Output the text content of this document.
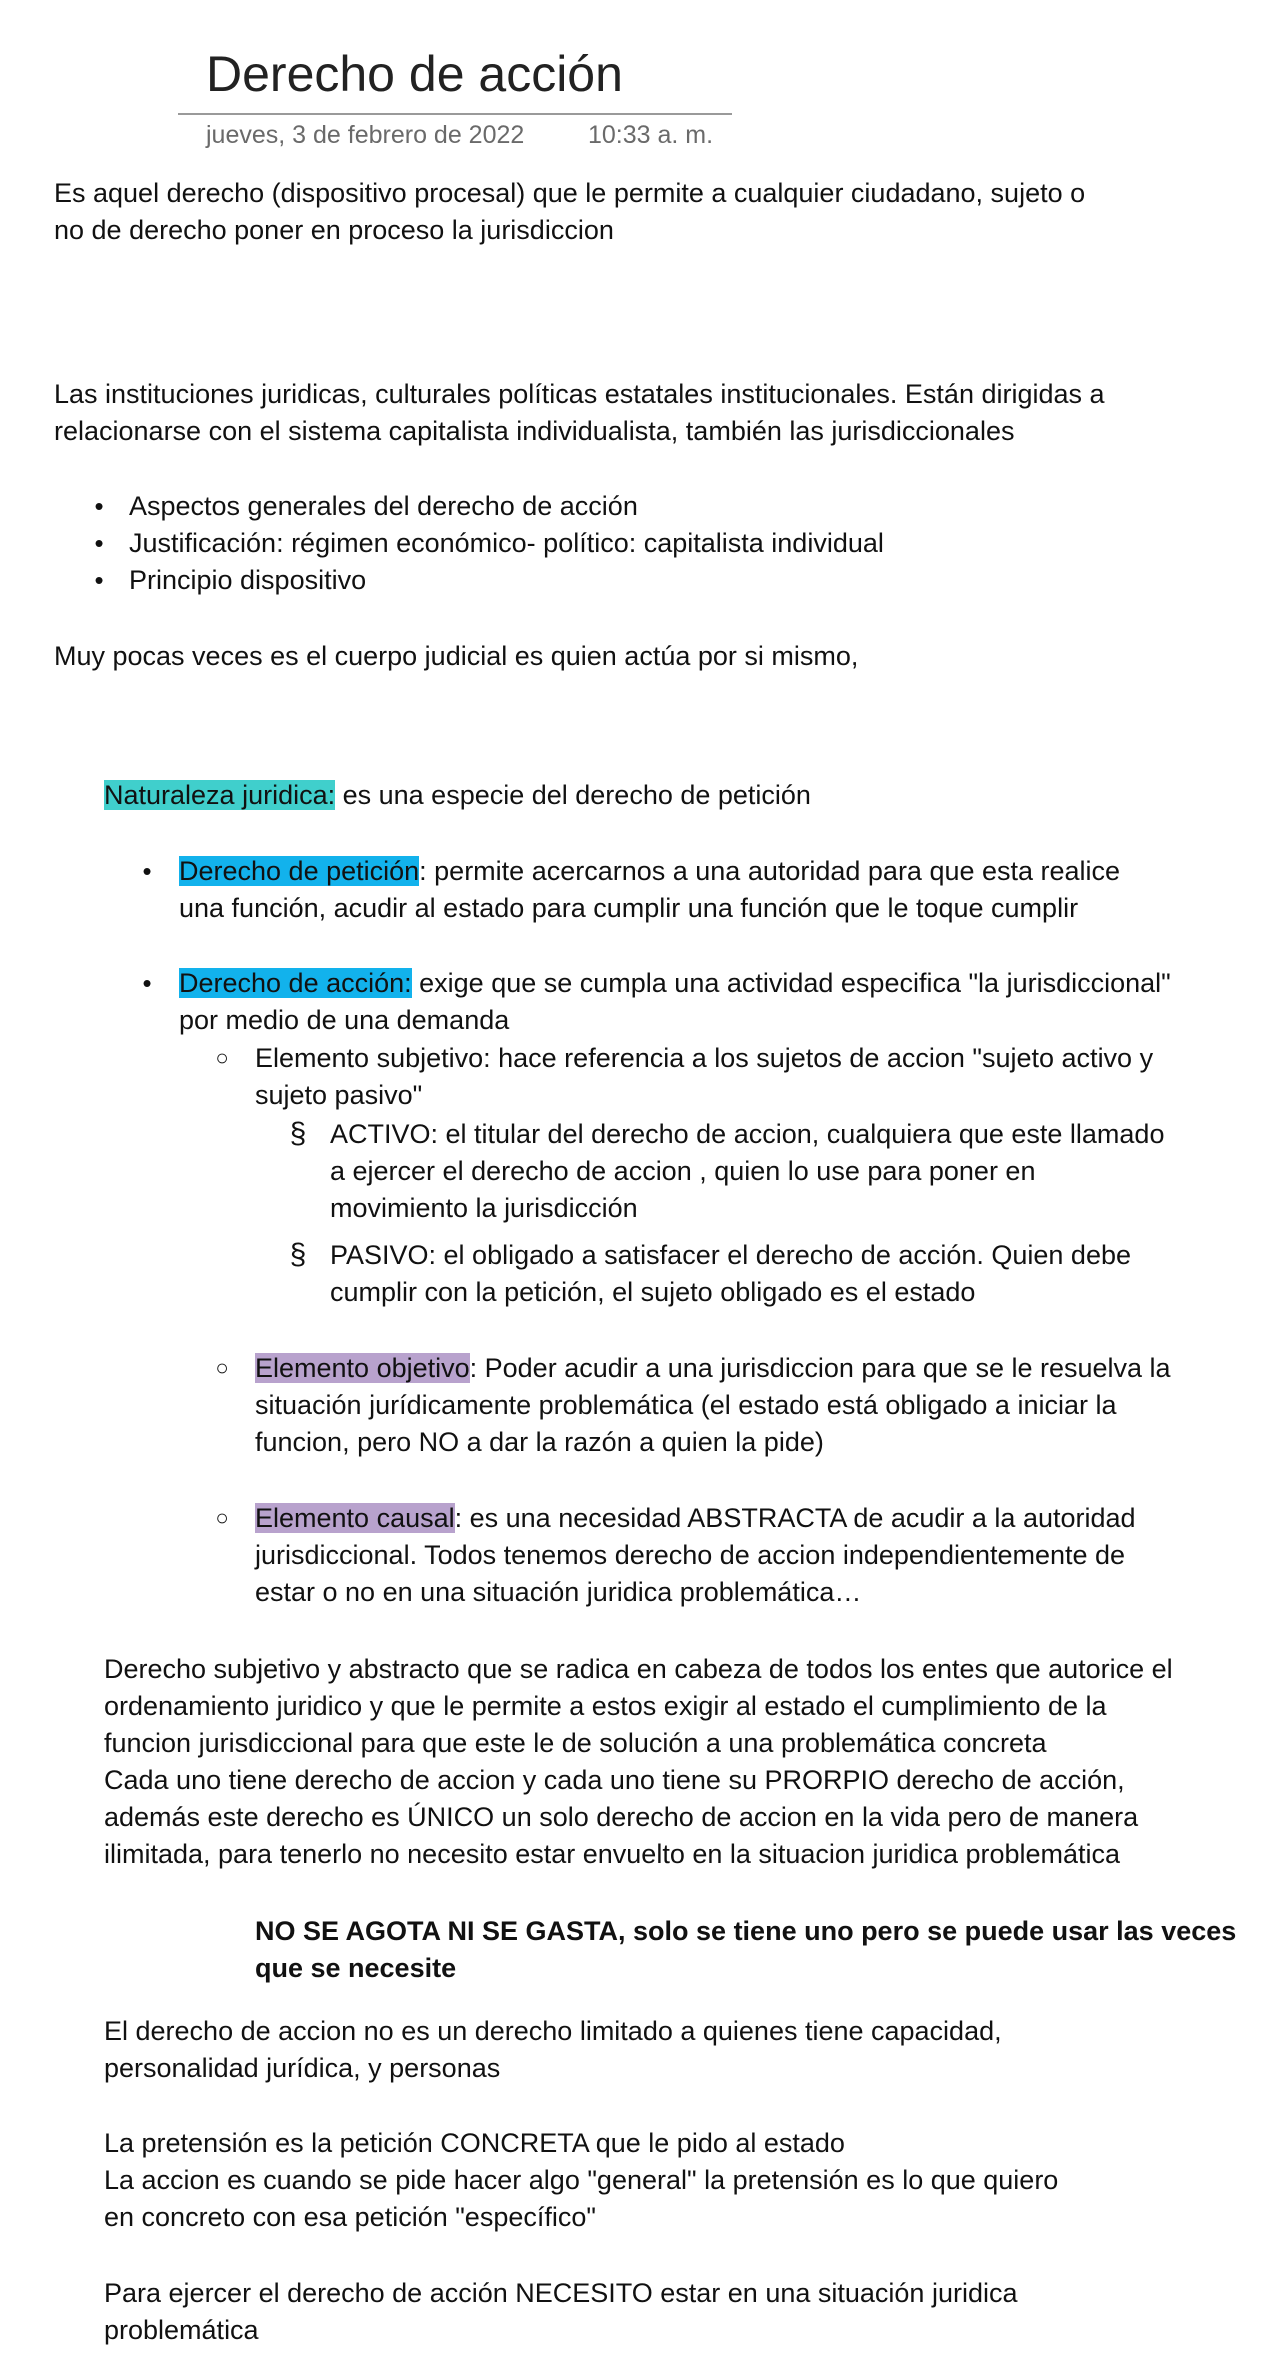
Derecho de acción
jueves, 3 de febrero de 2022	10:33 a. m.

Es aquel derecho (dispositivo procesal) que le permite a cualquier ciudadano, sujeto o

no de derecho poner en proceso la jurisdiccion

Las instituciones juridicas, culturales políticas estatales institucionales. Están dirigidas a

relacionarse con el sistema capitalista individualista, también las jurisdiccionales

• Aspectos generales del derecho de acción

• Justificación: régimen económico- político: capitalista individual

• Principio dispositivo

Muy pocas veces es el cuerpo judicial es quien actúa por si mismo,

Naturaleza juridica: es una especie del derecho de petición

•	Derecho de petición: permite acercarnos a una autoridad para que esta realice

una función, acudir al estado para cumplir una función que le toque cumplir

•	Derecho de acción: exige que se cumpla una actividad especifica "la jurisdiccional"

por medio de una demanda

○ Elemento subjetivo: hace referencia a los sujetos de accion "sujeto activo y

sujeto pasivo"

§ ACTIVO: el titular del derecho de accion, cualquiera que este llamado

a ejercer el derecho de accion , quien lo use para poner en

movimiento la jurisdicción

§ PASIVO: el obligado a satisfacer el derecho de acción. Quien debe

cumplir con la petición, el sujeto obligado es el estado

○ Elemento objetivo: Poder acudir a una jurisdiccion para que se le resuelva la

situación jurídicamente problemática (el estado está obligado a iniciar la

funcion, pero NO a dar la razón a quien la pide)

○ Elemento causal: es una necesidad ABSTRACTA de acudir a la autoridad

jurisdiccional. Todos tenemos derecho de accion independientemente de

estar o no en una situación juridica problemática…

Derecho subjetivo y abstracto que se radica en cabeza de todos los entes que autorice el

ordenamiento juridico y que le permite a estos exigir al estado el cumplimiento de la

funcion jurisdiccional para que este le de solución a una problemática concreta

Cada uno tiene derecho de accion y cada uno tiene su PRORPIO derecho de acción,

además este derecho es ÚNICO un solo derecho de accion en la vida pero de manera

ilimitada, para tenerlo no necesito estar envuelto en la situacion juridica problemática

NO SE AGOTA NI SE GASTA, solo se tiene uno pero se puede usar las veces

que se necesite

El derecho de accion no es un derecho limitado a quienes tiene capacidad,

personalidad jurídica, y personas

La pretensión es la petición CONCRETA que le pido al estado

La accion es cuando se pide hacer algo "general" la pretensión es lo que quiero

en concreto con esa petición "específico"

Para ejercer el derecho de acción NECESITO estar en una situación juridica

problemática
